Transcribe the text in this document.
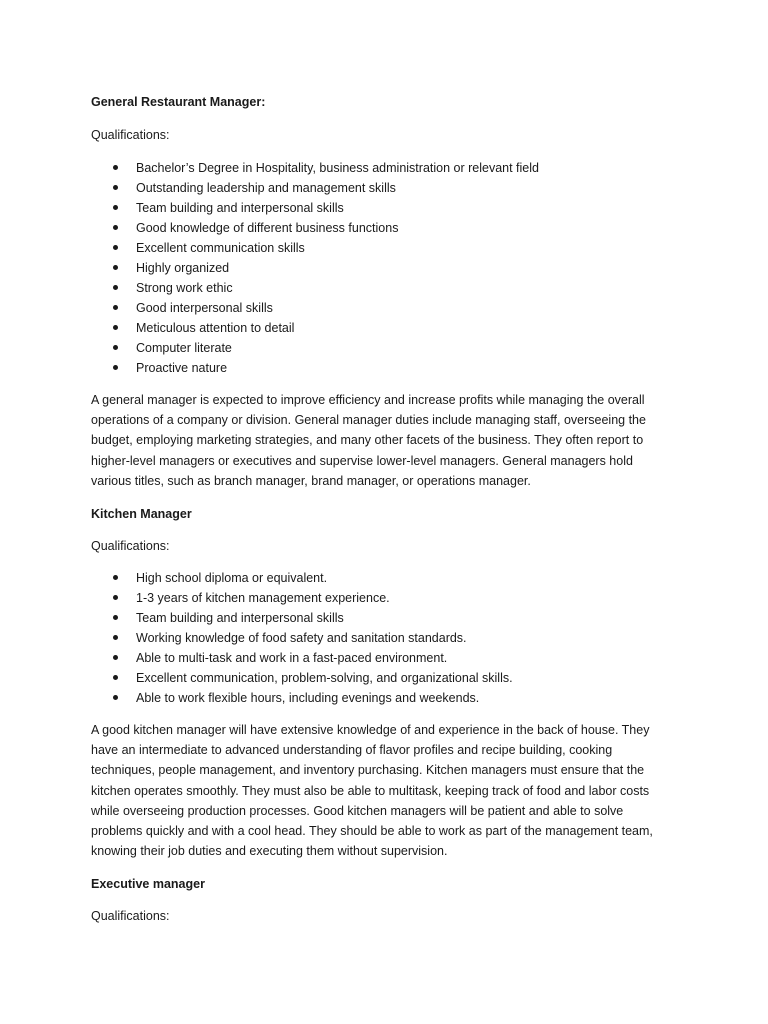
General Restaurant Manager:

Qualifications:

Bachelor’s Degree in Hospitality, business administration or relevant field
Outstanding leadership and management skills
Team building and interpersonal skills
Good knowledge of different business functions
Excellent communication skills
Highly organized
Strong work ethic
Good interpersonal skills
Meticulous attention to detail
Computer literate
Proactive nature
A general manager is expected to improve efficiency and increase profits while managing the overall
operations of a company or division. General manager duties include managing staff, overseeing the
budget, employing marketing strategies, and many other facets of the business. They often report to
higher-level managers or executives and supervise lower-level managers. General managers hold
various titles, such as branch manager, brand manager, or operations manager.

Kitchen Manager

Qualifications:

High school diploma or equivalent.
1-3 years of kitchen management experience.
Team building and interpersonal skills
Working knowledge of food safety and sanitation standards.
Able to multi-task and work in a fast-paced environment.
Excellent communication, problem-solving, and organizational skills.
Able to work flexible hours, including evenings and weekends.
A good kitchen manager will have extensive knowledge of and experience in the back of house. They
have an intermediate to advanced understanding of flavor profiles and recipe building, cooking
techniques, people management, and inventory purchasing. Kitchen managers must ensure that the
kitchen operates smoothly. They must also be able to multitask, keeping track of food and labor costs
while overseeing production processes. Good kitchen managers will be patient and able to solve
problems quickly and with a cool head. They should be able to work as part of the management team,
knowing their job duties and executing them without supervision.

Executive manager

Qualifications:
